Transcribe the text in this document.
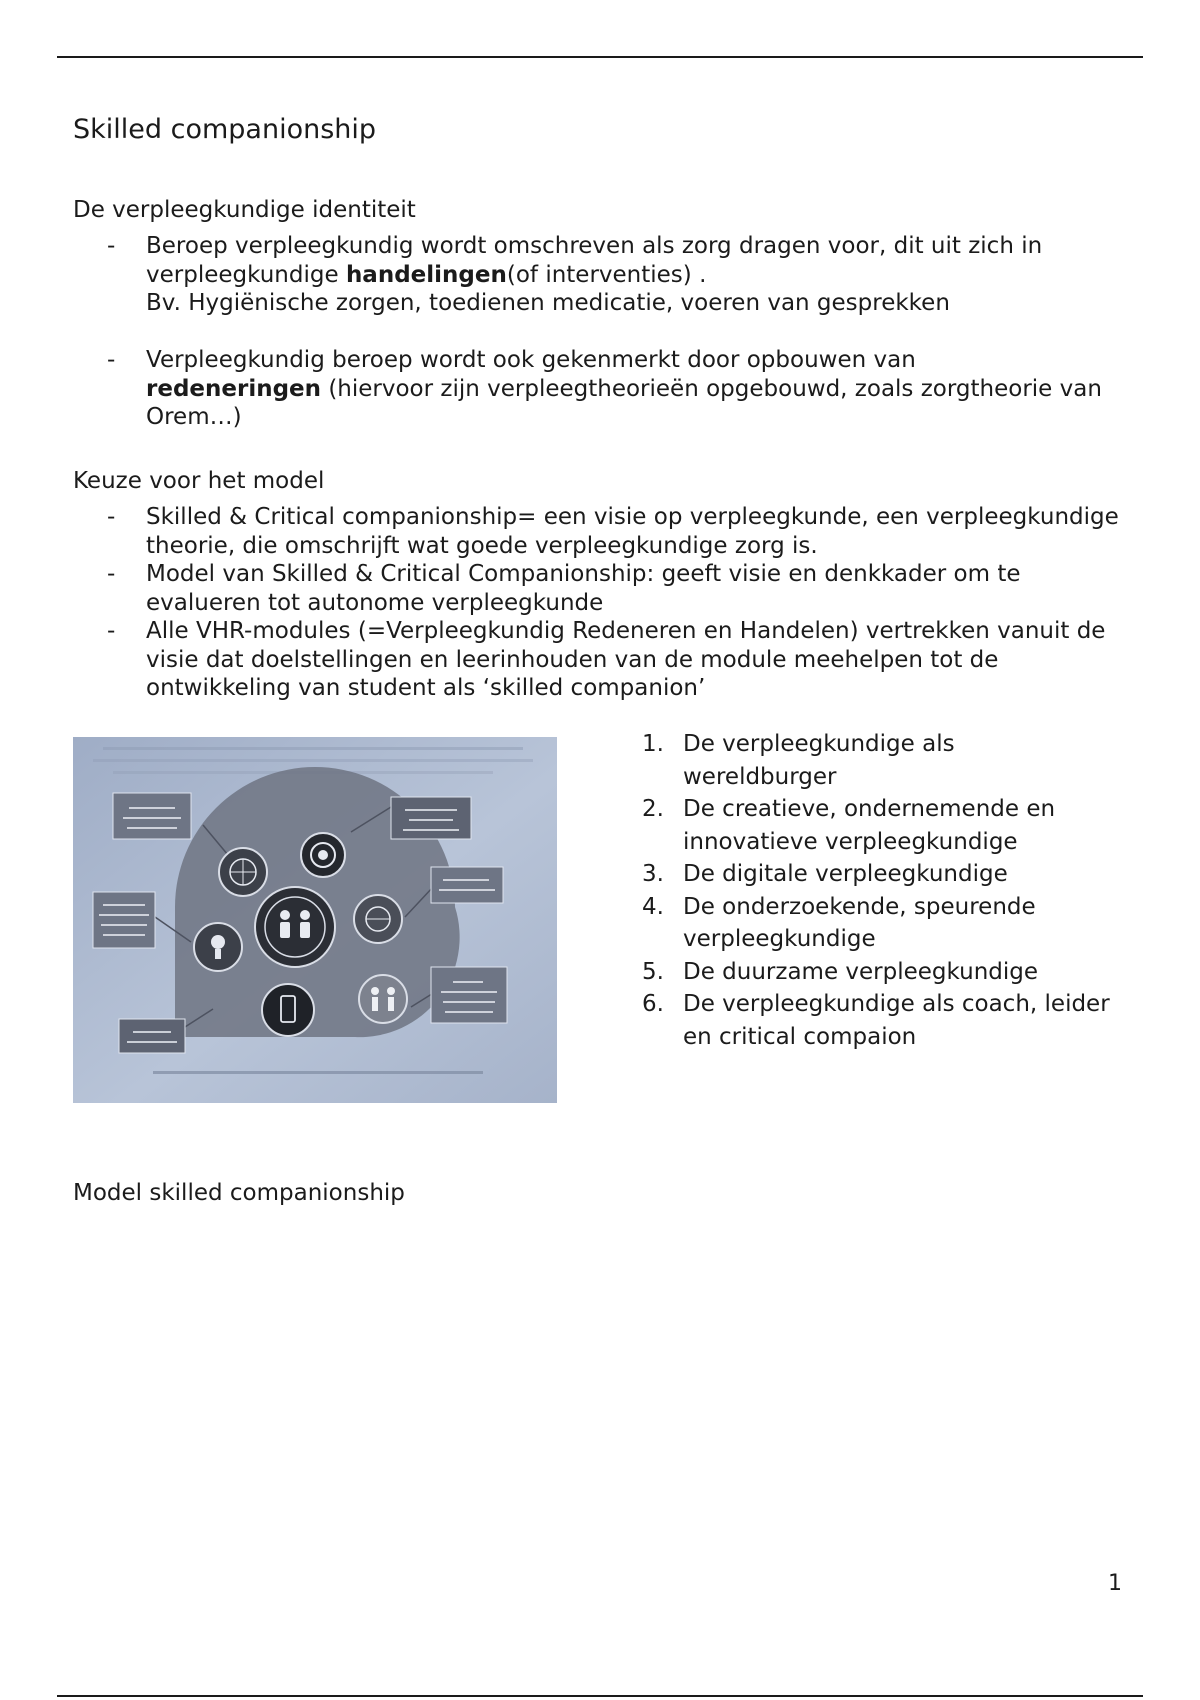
Skilled companionship
De verpleegkundige identiteit
- Beroep verpleegkundig wordt omschreven als zorg dragen voor, dit uit zich in
verpleegkundige handelingen(of interventies) .
Bv. Hygiënische zorgen, toedienen medicatie, voeren van gesprekken
- Verpleegkundig beroep wordt ook gekenmerkt door opbouwen van
redeneringen (hiervoor zijn verpleegtheorieën opgebouwd, zoals zorgtheorie van Orem…)
Keuze voor het model
- Skilled & Critical companionship= een visie op verpleegkunde, een verpleegkundige theorie, die omschrijft wat goede verpleegkundige zorg is.
- Model van Skilled & Critical Companionship: geeft visie en denkkader om te evalueren tot autonome verpleegkunde
- Alle VHR-modules (=Verpleegkundig Redeneren en Handelen) vertrekken vanuit de visie dat doelstellingen en leerinhouden van de module meehelpen tot de ontwikkeling van student als ‘skilled companion’
1. De verpleegkundige als wereldburger
2. De creatieve, ondernemende en innovatieve verpleegkundige
3. De digitale verpleegkundige
4. De onderzoekende, speurende verpleegkundige
5. De duurzame verpleegkundige
6. De verpleegkundige als coach, leider en critical compaion
Model skilled companionship
1
